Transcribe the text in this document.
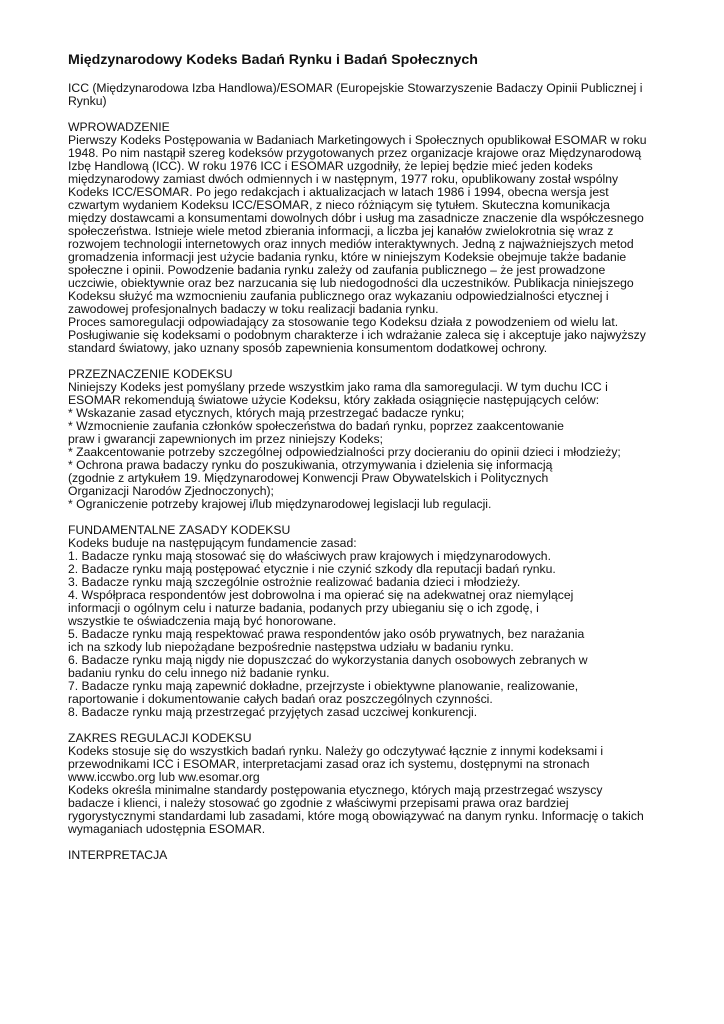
Międzynarodowy Kodeks Badań Rynku i Badań Społecznych

ICC (Międzynarodowa Izba Handlowa)/ESOMAR (Europejskie Stowarzyszenie Badaczy Opinii Publicznej i Rynku)

WPROWADZENIE

Pierwszy Kodeks Postępowania w Badaniach Marketingowych i Społecznych opublikował ESOMAR w roku 1948. Po nim nastąpił szereg kodeksów przygotowanych przez organizacje krajowe oraz Międzynarodową Izbę Handlową (ICC). W roku 1976 ICC i ESOMAR uzgodniły, że lepiej będzie mieć jeden kodeks międzynarodowy zamiast dwóch odmiennych i w następnym, 1977 roku, opublikowany został wspólny Kodeks ICC/ESOMAR. Po jego redakcjach i aktualizacjach w latach 1986 i 1994, obecna wersja jest czwartym wydaniem Kodeksu ICC/ESOMAR, z nieco różniącym się tytułem. Skuteczna komunikacja między dostawcami a konsumentami dowolnych dóbr i usług ma zasadnicze znaczenie dla współczesnego społeczeństwa. Istnieje wiele metod zbierania informacji, a liczba jej kanałów zwielokrotnia się wraz z rozwojem technologii internetowych oraz innych mediów interaktywnych. Jedną z najważniejszych metod gromadzenia informacji jest użycie badania rynku, które w niniejszym Kodeksie obejmuje także badanie społeczne i opinii. Powodzenie badania rynku zależy od zaufania publicznego – że jest prowadzone uczciwie, obiektywnie oraz bez narzucania się lub niedogodności dla uczestników. Publikacja niniejszego Kodeksu służyć ma wzmocnieniu zaufania publicznego oraz wykazaniu odpowiedzialności etycznej i zawodowej profesjonalnych badaczy w toku realizacji badania rynku.

Proces samoregulacji odpowiadający za stosowanie tego Kodeksu działa z powodzeniem od wielu lat. Posługiwanie się kodeksami o podobnym charakterze i ich wdrażanie zaleca się i akceptuje jako najwyższy standard światowy, jako uznany sposób zapewnienia konsumentom dodatkowej ochrony.

PRZEZNACZENIE KODEKSU

Niniejszy Kodeks jest pomyślany przede wszystkim jako rama dla samoregulacji. W tym duchu ICC i ESOMAR rekomendują światowe użycie Kodeksu, który zakłada osiągnięcie następujących celów:

* Wskazanie zasad etycznych, których mają przestrzegać badacze rynku;

* Wzmocnienie zaufania członków społeczeństwa do badań rynku, poprzez zaakcentowanie

praw i gwarancji zapewnionych im przez niniejszy Kodeks;

* Zaakcentowanie potrzeby szczególnej odpowiedzialności przy docieraniu do opinii dzieci i młodzieży;

* Ochrona prawa badaczy rynku do poszukiwania, otrzymywania i dzielenia się informacją

(zgodnie z artykułem 19. Międzynarodowej Konwencji Praw Obywatelskich i Politycznych

Organizacji Narodów Zjednoczonych);

* Ograniczenie potrzeby krajowej i/lub międzynarodowej legislacji lub regulacji.

FUNDAMENTALNE ZASADY KODEKSU

Kodeks buduje na następującym fundamencie zasad:

1. Badacze rynku mają stosować się do właściwych praw krajowych i międzynarodowych.

2. Badacze rynku mają postępować etycznie i nie czynić szkody dla reputacji badań rynku.

3. Badacze rynku mają szczególnie ostrożnie realizować badania dzieci i młodzieży.

4. Współpraca respondentów jest dobrowolna i ma opierać się na adekwatnej oraz niemylącej

informacji o ogólnym celu i naturze badania, podanych przy ubieganiu się o ich zgodę, i

wszystkie te oświadczenia mają być honorowane.

5. Badacze rynku mają respektować prawa respondentów jako osób prywatnych, bez narażania

ich na szkody lub niepożądane bezpośrednie następstwa udziału w badaniu rynku.

6. Badacze rynku mają nigdy nie dopuszczać do wykorzystania danych osobowych zebranych w

badaniu rynku do celu innego niż badanie rynku.

7. Badacze rynku mają zapewnić dokładne, przejrzyste i obiektywne planowanie, realizowanie,

raportowanie i dokumentowanie całych badań oraz poszczególnych czynności.

8. Badacze rynku mają przestrzegać przyjętych zasad uczciwej konkurencji.

ZAKRES REGULACJI KODEKSU

Kodeks stosuje się do wszystkich badań rynku. Należy go odczytywać łącznie z innymi kodeksami i przewodnikami ICC i ESOMAR, interpretacjami zasad oraz ich systemu, dostępnymi na stronach www.iccwbo.org lub ww.esomar.org

Kodeks określa minimalne standardy postępowania etycznego, których mają przestrzegać wszyscy badacze i klienci, i należy stosować go zgodnie z właściwymi przepisami prawa oraz bardziej rygorystycznymi standardami lub zasadami, które mogą obowiązywać na danym rynku. Informację o takich wymaganiach udostępnia ESOMAR.

INTERPRETACJA
